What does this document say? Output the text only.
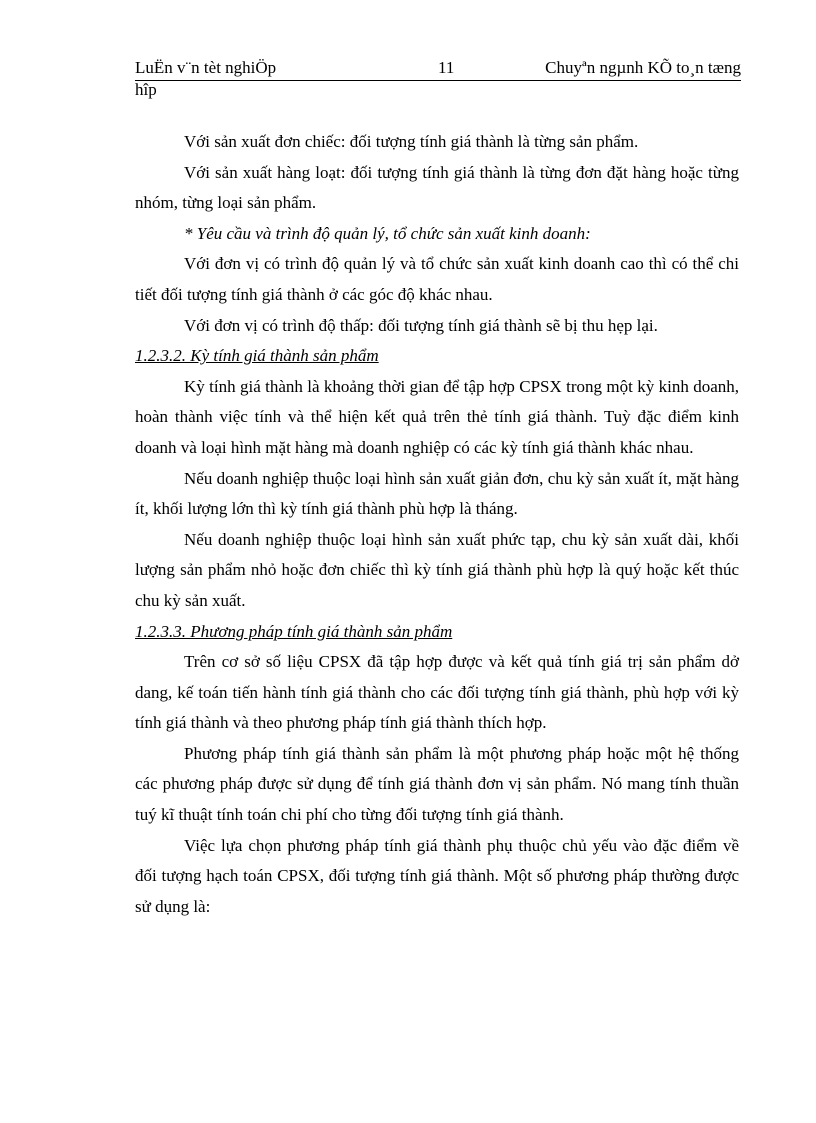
LuËn v¨n tèt nghiÖp	11	Chuyªn ngµnh KÕ to¸n tæng
hîp

Với sản xuất đơn chiếc: đối tượng tính giá thành là từng sản phẩm.

Với sản xuất hàng loạt: đối tượng tính giá thành là từng đơn đặt hàng hoặc từng nhóm, từng loại sản phẩm.

* Yêu cầu và trình độ quản lý, tổ chức sản xuất kinh doanh:

Với đơn vị có trình độ quản lý và tổ chức sản xuất kinh doanh cao thì có thể chi tiết đối tượng tính giá thành ở các góc độ khác nhau.

Với đơn vị có trình độ thấp: đối tượng tính giá thành sẽ bị thu hẹp lại.

1.2.3.2. Kỳ tính giá thành sản phẩm

Kỳ tính giá thành là khoảng thời gian để tập hợp CPSX trong một kỳ kinh doanh, hoàn thành việc tính và thể hiện kết quả trên thẻ tính giá thành. Tuỳ đặc điểm kinh doanh và loại hình mặt hàng mà doanh nghiệp có các kỳ tính giá thành khác nhau.

Nếu doanh nghiệp thuộc loại hình sản xuất giản đơn, chu kỳ sản xuất ít, mặt hàng ít, khối lượng lớn thì kỳ tính giá thành phù hợp là tháng.

Nếu doanh nghiệp thuộc loại hình sản xuất phức tạp, chu kỳ sản xuất dài, khối lượng sản phẩm nhỏ hoặc đơn chiếc thì kỳ tính giá thành phù hợp là quý hoặc kết thúc chu kỳ sản xuất.

1.2.3.3. Phương pháp tính giá thành sản phẩm

Trên cơ sở số liệu CPSX đã tập hợp được và kết quả tính giá trị sản phẩm dở dang, kế toán tiến hành tính giá thành cho các đối tượng tính giá thành, phù hợp với kỳ tính giá thành và theo phương pháp tính giá thành thích hợp.

Phương pháp tính giá thành sản phẩm là một phương pháp hoặc một hệ thống các phương pháp được sử dụng để tính giá thành đơn vị sản phẩm. Nó mang tính thuần tuý kĩ thuật tính toán chi phí cho từng đối tượng tính giá thành.

Việc lựa chọn phương pháp tính giá thành phụ thuộc chủ yếu vào đặc điểm về đối tượng hạch toán CPSX, đối tượng tính giá thành. Một số phương pháp thường được sử dụng là:
